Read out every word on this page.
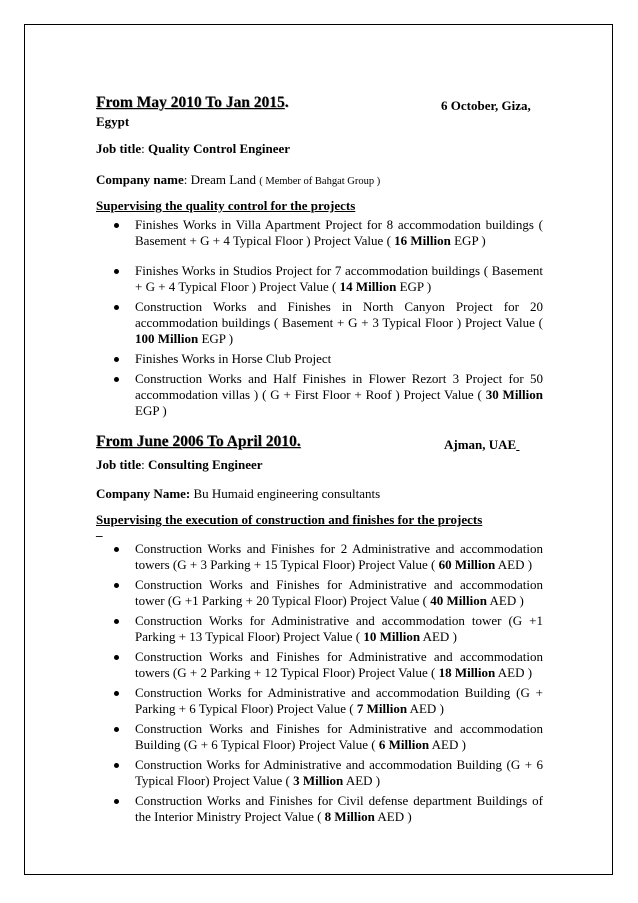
From May 2010 To Jan 2015.	6 October, Giza,
Egypt
Job title: Quality Control Engineer
Company name: Dream Land ( Member of Bahgat Group )
Supervising the quality control for the projects
Finishes Works in Villa Apartment Project for 8 accommodation buildings ( Basement + G + 4 Typical Floor ) Project Value ( 16 Million EGP )
Finishes Works in Studios Project for 7 accommodation buildings ( Basement + G + 4 Typical Floor ) Project Value ( 14 Million EGP )
Construction Works and Finishes in North Canyon Project for 20 accommodation buildings ( Basement + G + 3 Typical Floor ) Project Value ( 100 Million EGP )
Finishes Works in Horse Club Project
Construction Works and Half Finishes in Flower Rezort 3 Project for 50 accommodation villas ) ( G + First Floor + Roof ) Project Value ( 30 Million EGP )
From June 2006 To April 2010.	Ajman, UAE
Job title: Consulting Engineer
Company Name: Bu Humaid engineering consultants
Supervising the execution of construction and finishes for the projects
_
Construction Works and Finishes for 2 Administrative and accommodation towers (G + 3 Parking + 15 Typical Floor) Project Value ( 60 Million AED )
Construction Works and Finishes for Administrative and accommodation tower (G +1 Parking + 20 Typical Floor) Project Value ( 40 Million AED )
Construction Works for Administrative and accommodation tower (G +1 Parking + 13 Typical Floor) Project Value ( 10 Million AED )
Construction Works and Finishes for Administrative and accommodation towers (G + 2 Parking + 12 Typical Floor) Project Value ( 18 Million AED )
Construction Works for Administrative and accommodation Building (G + Parking + 6 Typical Floor) Project Value ( 7 Million AED )
Construction Works and Finishes for Administrative and accommodation Building (G + 6 Typical Floor) Project Value ( 6 Million AED )
Construction Works for Administrative and accommodation Building (G + 6 Typical Floor) Project Value ( 3 Million AED )
Construction Works and Finishes for Civil defense department Buildings of the Interior Ministry Project Value ( 8 Million AED )
